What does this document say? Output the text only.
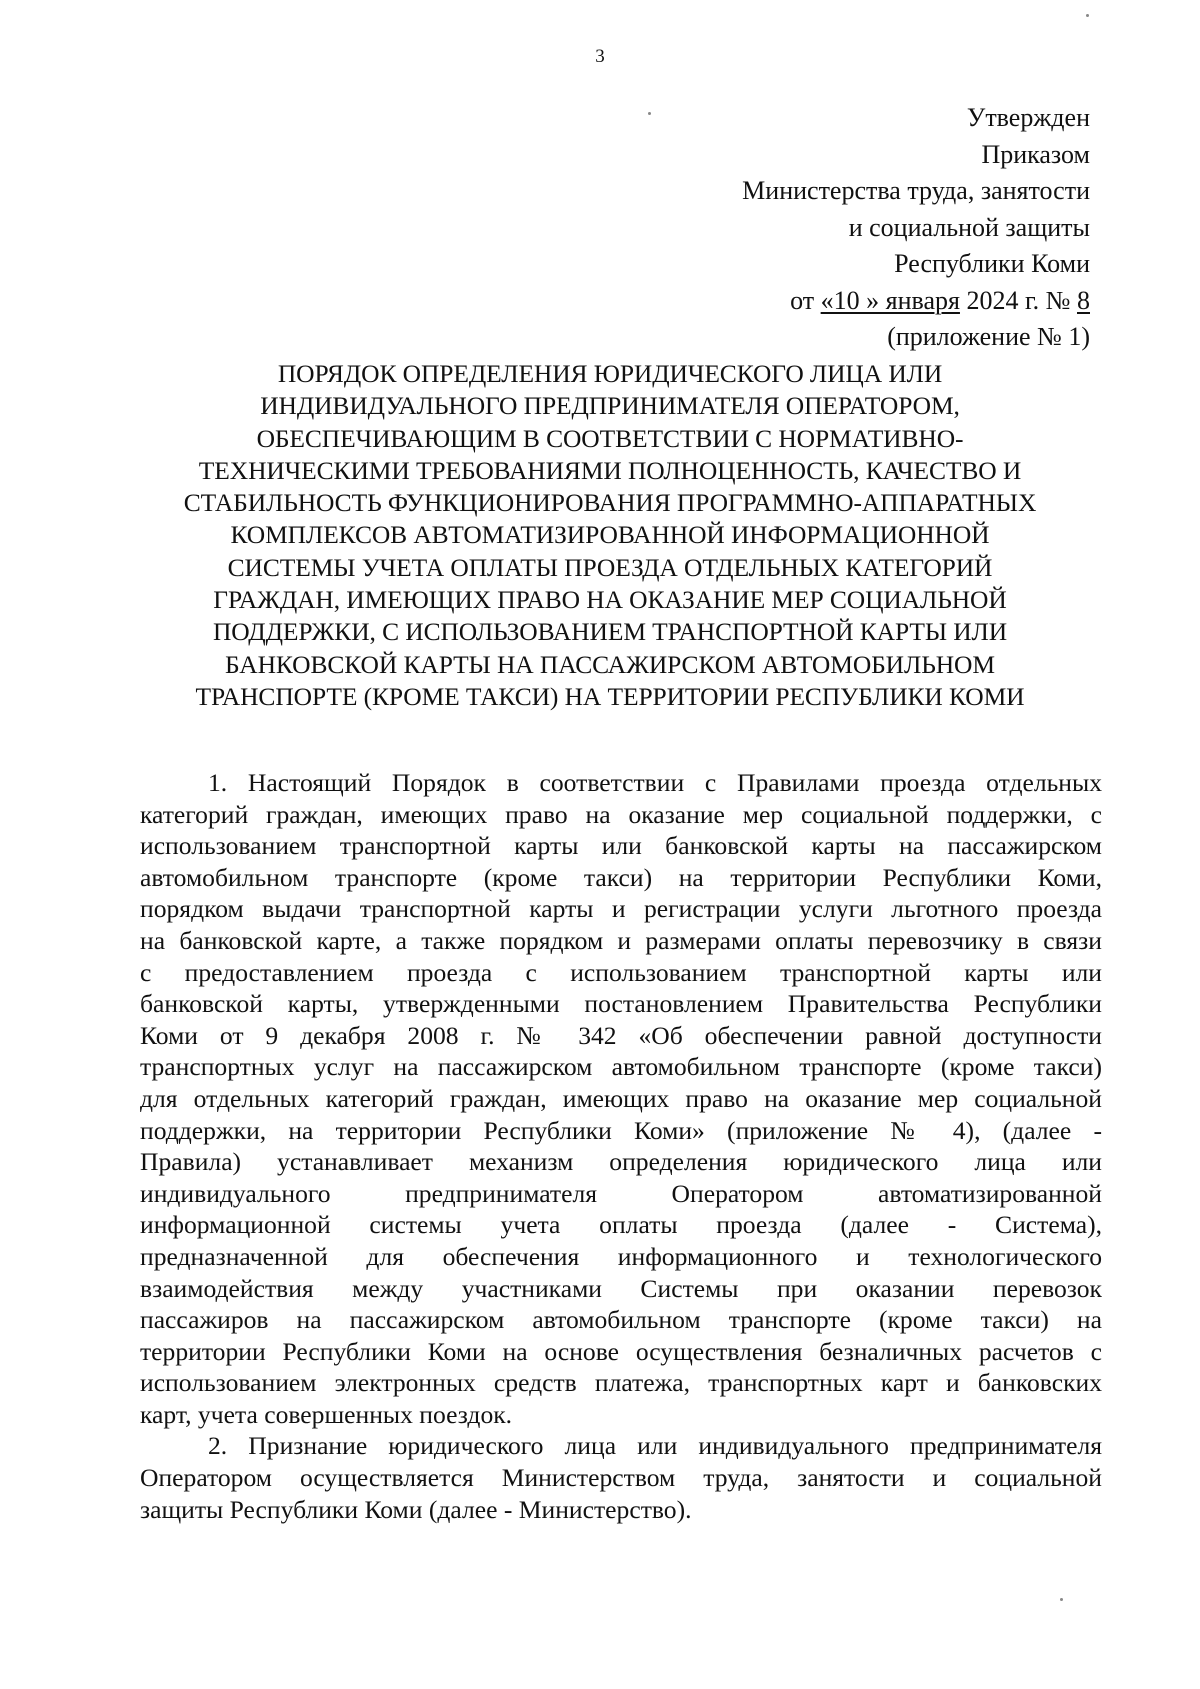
3
Утвержден
Приказом
Министерства труда, занятости
и социальной защиты
Республики Коми
от «10 » января 2024 г. № 8
(приложение № 1)
ПОРЯДОК ОПРЕДЕЛЕНИЯ ЮРИДИЧЕСКОГО ЛИЦА ИЛИ
ИНДИВИДУАЛЬНОГО ПРЕДПРИНИМАТЕЛЯ ОПЕРАТОРОМ,
ОБЕСПЕЧИВАЮЩИМ В СООТВЕТСТВИИ С НОРМАТИВНО-
ТЕХНИЧЕСКИМИ ТРЕБОВАНИЯМИ ПОЛНОЦЕННОСТЬ, КАЧЕСТВО И
СТАБИЛЬНОСТЬ ФУНКЦИОНИРОВАНИЯ ПРОГРАММНО-АППАРАТНЫХ
КОМПЛЕКСОВ АВТОМАТИЗИРОВАННОЙ ИНФОРМАЦИОННОЙ
СИСТЕМЫ УЧЕТА ОПЛАТЫ ПРОЕЗДА ОТДЕЛЬНЫХ КАТЕГОРИЙ
ГРАЖДАН, ИМЕЮЩИХ ПРАВО НА ОКАЗАНИЕ МЕР СОЦИАЛЬНОЙ
ПОДДЕРЖКИ, С ИСПОЛЬЗОВАНИЕМ ТРАНСПОРТНОЙ КАРТЫ ИЛИ
БАНКОВСКОЙ КАРТЫ НА ПАССАЖИРСКОМ АВТОМОБИЛЬНОМ
ТРАНСПОРТЕ (КРОМЕ ТАКСИ) НА ТЕРРИТОРИИ РЕСПУБЛИКИ КОМИ
1. Настоящий Порядок в соответствии с Правилами проезда отдельных
категорий граждан, имеющих право на оказание мер социальной поддержки, с
использованием транспортной карты или банковской карты на пассажирском
автомобильном транспорте (кроме такси) на территории Республики Коми,
порядком выдачи транспортной карты и регистрации услуги льготного проезда
на банковской карте, а также порядком и размерами оплаты перевозчику в связи
с предоставлением проезда с использованием транспортной карты или
банковской карты, утвержденными постановлением Правительства Республики
Коми от 9 декабря 2008 г. № 342 «Об обеспечении равной доступности
транспортных услуг на пассажирском автомобильном транспорте (кроме такси)
для отдельных категорий граждан, имеющих право на оказание мер социальной
поддержки, на территории Республики Коми» (приложение № 4), (далее -
Правила) устанавливает механизм определения юридического лица или
индивидуального предпринимателя Оператором автоматизированной
информационной системы учета оплаты проезда (далее - Система),
предназначенной для обеспечения информационного и технологического
взаимодействия между участниками Системы при оказании перевозок
пассажиров на пассажирском автомобильном транспорте (кроме такси) на
территории Республики Коми на основе осуществления безналичных расчетов с
использованием электронных средств платежа, транспортных карт и банковских
карт, учета совершенных поездок.
2. Признание юридического лица или индивидуального предпринимателя
Оператором осуществляется Министерством труда, занятости и социальной
защиты Республики Коми (далее - Министерство).
